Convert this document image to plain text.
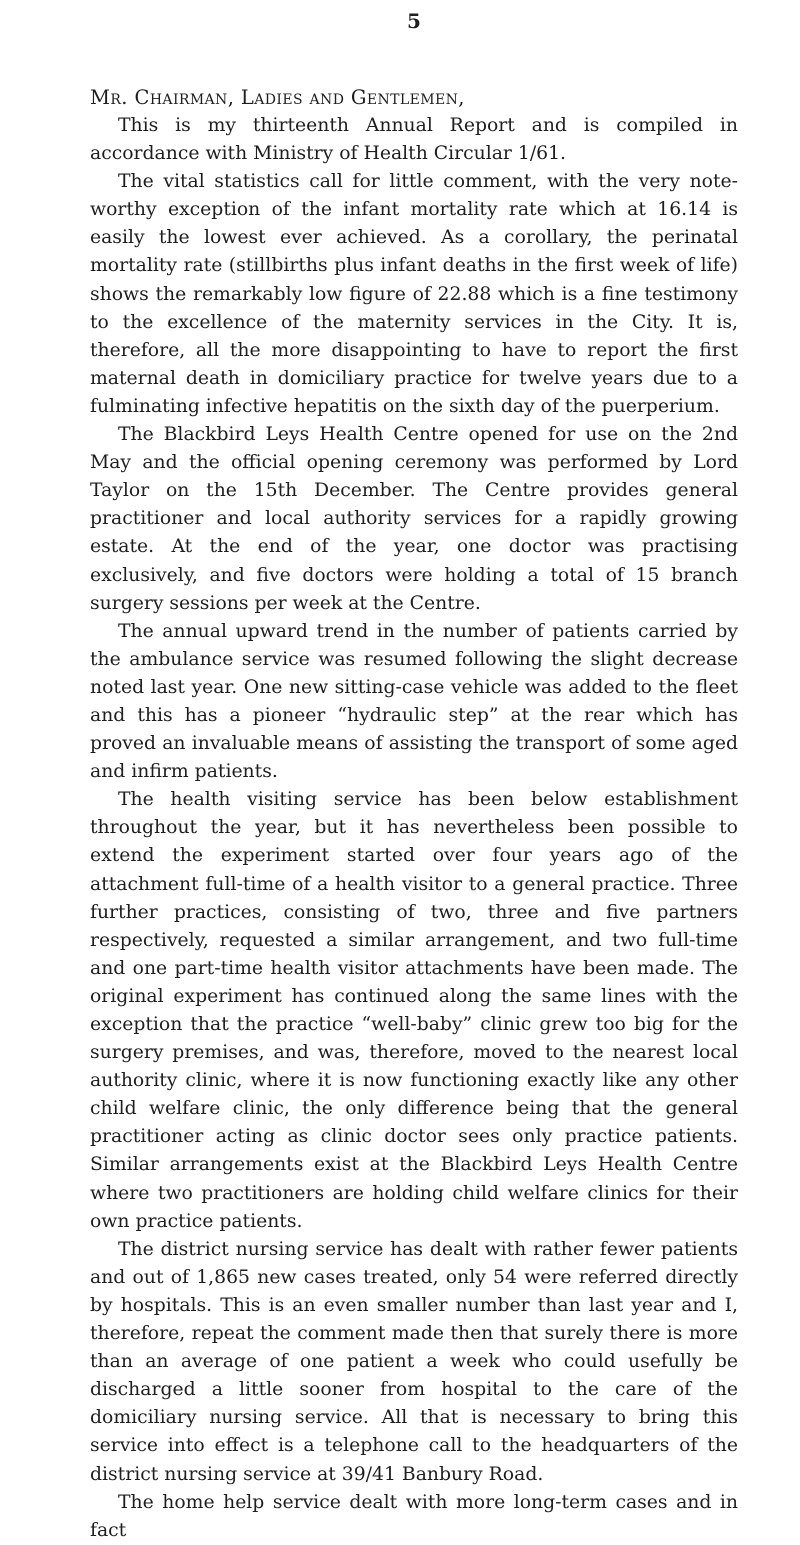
5
Mr. Chairman, Ladies and Gentlemen,

This is my thirteenth Annual Report and is compiled in accordance with Ministry of Health Circular 1/61.

The vital statistics call for little comment, with the very note-worthy exception of the infant mortality rate which at 16.14 is easily the lowest ever achieved. As a corollary, the perinatal mortality rate (stillbirths plus infant deaths in the first week of life) shows the remarkably low figure of 22.88 which is a fine testimony to the excellence of the maternity services in the City. It is, therefore, all the more disappointing to have to report the first maternal death in domiciliary practice for twelve years due to a fulminating infective hepatitis on the sixth day of the puerperium.

The Blackbird Leys Health Centre opened for use on the 2nd May and the official opening ceremony was performed by Lord Taylor on the 15th December. The Centre provides general practitioner and local authority services for a rapidly growing estate. At the end of the year, one doctor was practising exclusively, and five doctors were holding a total of 15 branch surgery sessions per week at the Centre.

The annual upward trend in the number of patients carried by the ambulance service was resumed following the slight decrease noted last year. One new sitting-case vehicle was added to the fleet and this has a pioneer “hydraulic step” at the rear which has proved an invaluable means of assisting the transport of some aged and infirm patients.

The health visiting service has been below establishment throughout the year, but it has nevertheless been possible to extend the experiment started over four years ago of the attachment full-time of a health visitor to a general practice. Three further practices, consisting of two, three and five partners respectively, requested a similar arrangement, and two full-time and one part-time health visitor attachments have been made. The original experiment has continued along the same lines with the exception that the practice “well-baby” clinic grew too big for the surgery premises, and was, therefore, moved to the nearest local authority clinic, where it is now functioning exactly like any other child welfare clinic, the only difference being that the general practitioner acting as clinic doctor sees only practice patients. Similar arrangements exist at the Blackbird Leys Health Centre where two practitioners are holding child welfare clinics for their own practice patients.

The district nursing service has dealt with rather fewer patients and out of 1,865 new cases treated, only 54 were referred directly by hospitals. This is an even smaller number than last year and I, therefore, repeat the comment made then that surely there is more than an average of one patient a week who could usefully be discharged a little sooner from hospital to the care of the domiciliary nursing service. All that is necessary to bring this service into effect is a telephone call to the headquarters of the district nursing service at 39/41 Banbury Road.

The home help service dealt with more long-term cases and in fact
